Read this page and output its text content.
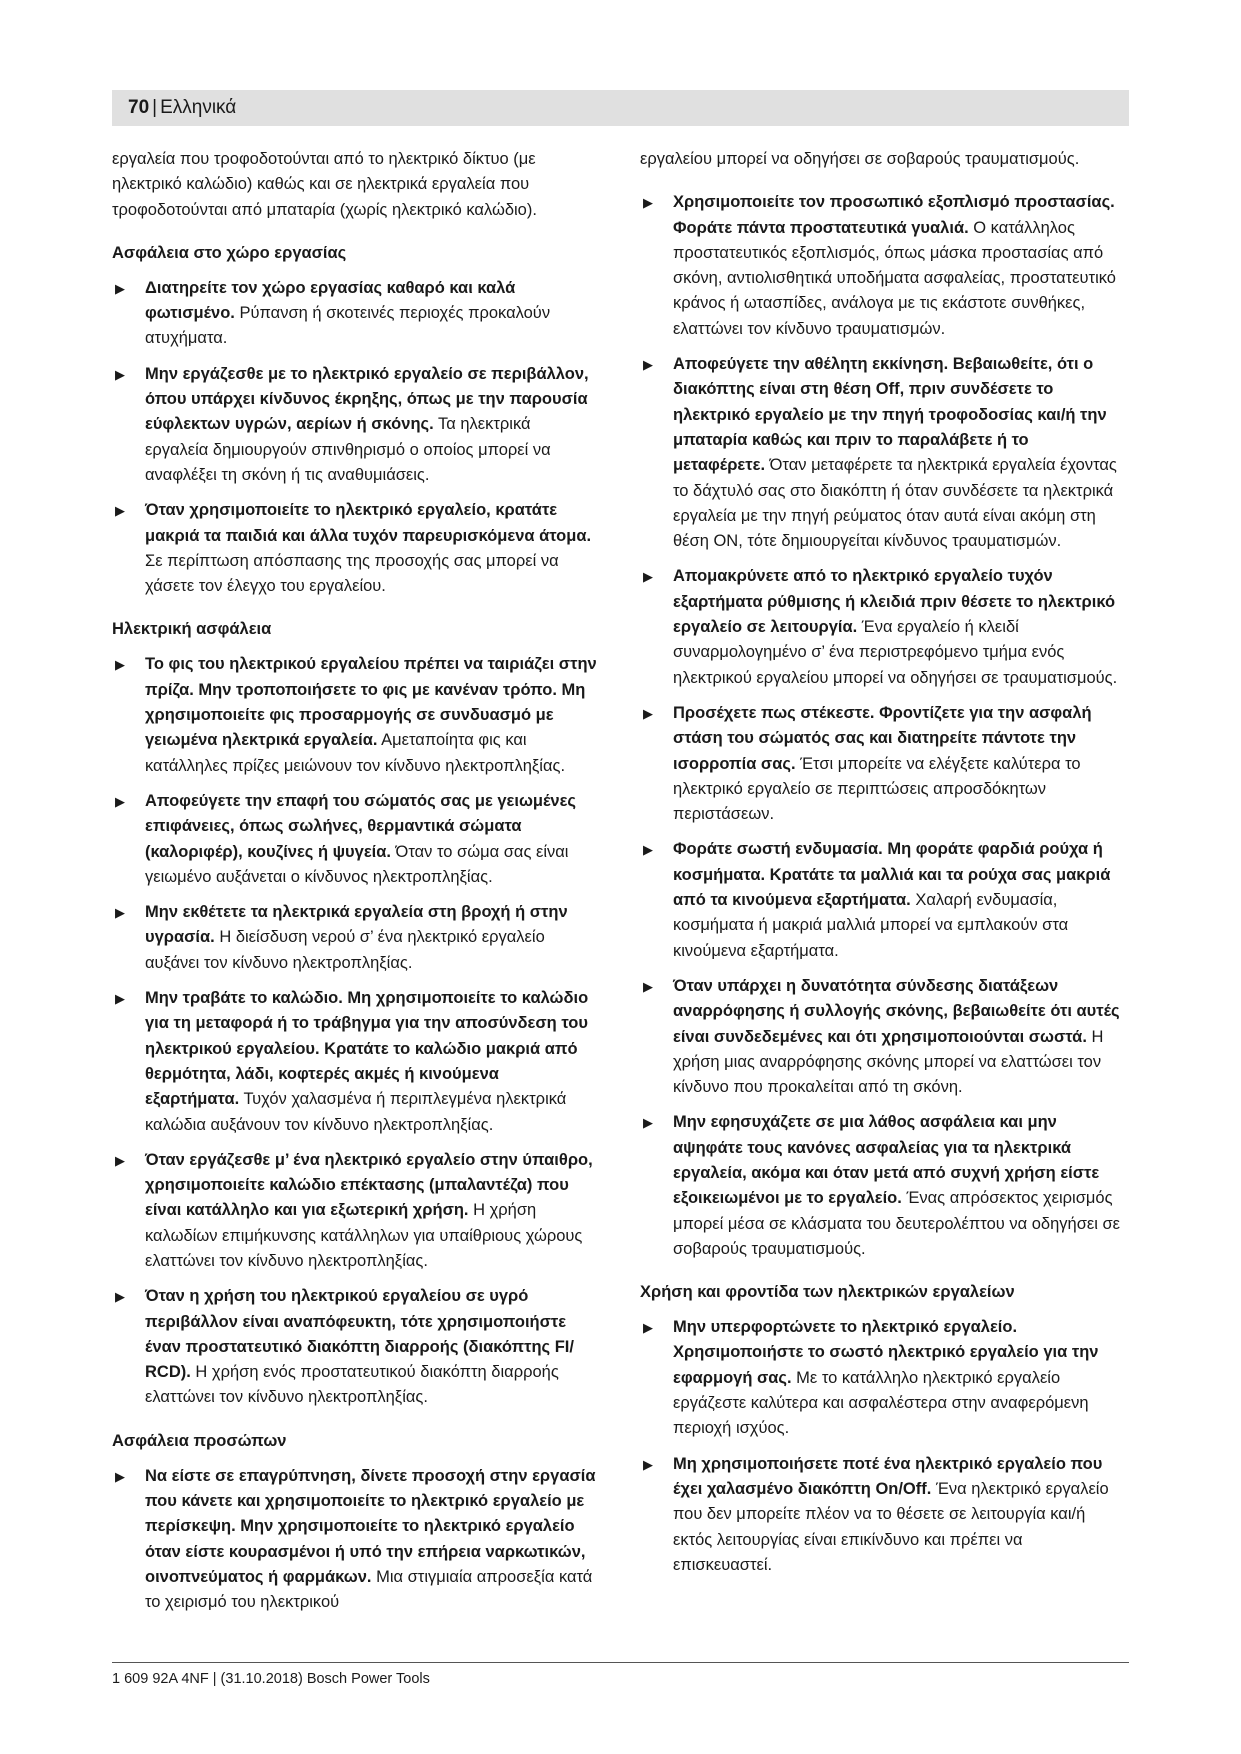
70 | Ελληνικά

εργαλεία που τροφοδοτούνται από το ηλεκτρικό δίκτυο (με ηλεκτρικό καλώδιο) καθώς και σε ηλεκτρικά εργαλεία που τροφοδοτούνται από μπαταρία (χωρίς ηλεκτρικό καλώδιο).

Ασφάλεια στο χώρο εργασίας
▶ Διατηρείτε τον χώρο εργασίας καθαρό και καλά φωτισμένο. Ρύπανση ή σκοτεινές περιοχές προκαλούν ατυχήματα.
▶ Μην εργάζεσθε με το ηλεκτρικό εργαλείο σε περιβάλλον, όπου υπάρχει κίνδυνος έκρηξης, όπως με την παρουσία εύφλεκτων υγρών, αερίων ή σκόνης. Τα ηλεκτρικά εργαλεία δημιουργούν σπινθηρισμό ο οποίος μπορεί να αναφλέξει τη σκόνη ή τις αναθυμιάσεις.
▶ Όταν χρησιμοποιείτε το ηλεκτρικό εργαλείο, κρατάτε μακριά τα παιδιά και άλλα τυχόν παρευρισκόμενα άτομα. Σε περίπτωση απόσπασης της προσοχής σας μπορεί να χάσετε τον έλεγχο του εργαλείου.
Ηλεκτρική ασφάλεια
▶ Το φις του ηλεκτρικού εργαλείου πρέπει να ταιριάζει στην πρίζα. Μην τροποποιήσετε το φις με κανέναν τρόπο. Μη χρησιμοποιείτε φις προσαρμογής σε συνδυασμό με γειωμένα ηλεκτρικά εργαλεία. Αμεταποίητα φις και κατάλληλες πρίζες μειώνουν τον κίνδυνο ηλεκτροπληξίας.
▶ Αποφεύγετε την επαφή του σώματός σας με γειωμένες επιφάνειες, όπως σωλήνες, θερμαντικά σώματα (καλοριφέρ), κουζίνες ή ψυγεία. Όταν το σώμα σας είναι γειωμένο αυξάνεται ο κίνδυνος ηλεκτροπληξίας.
▶ Μην εκθέτετε τα ηλεκτρικά εργαλεία στη βροχή ή στην υγρασία. Η διείσδυση νερού σ’ ένα ηλεκτρικό εργαλείο αυξάνει τον κίνδυνο ηλεκτροπληξίας.
▶ Μην τραβάτε το καλώδιο. Μη χρησιμοποιείτε το καλώδιο για τη μεταφορά ή το τράβηγμα για την αποσύνδεση του ηλεκτρικού εργαλείου. Κρατάτε το καλώδιο μακριά από θερμότητα, λάδι, κοφτερές ακμές ή κινούμενα εξαρτήματα. Τυχόν χαλασμένα ή περιπλεγμένα ηλεκτρικά καλώδια αυξάνουν τον κίνδυνο ηλεκτροπληξίας.
▶ Όταν εργάζεσθε μ’ ένα ηλεκτρικό εργαλείο στην ύπαιθρο, χρησιμοποιείτε καλώδιο επέκτασης (μπαλαντέζα) που είναι κατάλληλο και για εξωτερική χρήση. Η χρήση καλωδίων επιμήκυνσης κατάλληλων για υπαίθριους χώρους ελαττώνει τον κίνδυνο ηλεκτροπληξίας.
▶ Όταν η χρήση του ηλεκτρικού εργαλείου σε υγρό περιβάλλον είναι αναπόφευκτη, τότε χρησιμοποιήστε έναν προστατευτικό διακόπτη διαρροής (διακόπτης FI/ RCD). Η χρήση ενός προστατευτικού διακόπτη διαρροής ελαττώνει τον κίνδυνο ηλεκτροπληξίας.
Ασφάλεια προσώπων
▶ Να είστε σε επαγρύπνηση, δίνετε προσοχή στην εργασία που κάνετε και χρησιμοποιείτε το ηλεκτρικό εργαλείο με περίσκεψη. Μην χρησιμοποιείτε το ηλεκτρικό εργαλείο όταν είστε κουρασμένοι ή υπό την επήρεια ναρκωτικών, οινοπνεύματος ή φαρμάκων. Μια στιγμιαία απροσεξία κατά το χειρισμό του ηλεκτρικού

εργαλείου μπορεί να οδηγήσει σε σοβαρούς τραυματισμούς.

▶ Χρησιμοποιείτε τον προσωπικό εξοπλισμό προστασίας. Φοράτε πάντα προστατευτικά γυαλιά. Ο κατάλληλος προστατευτικός εξοπλισμός, όπως μάσκα προστασίας από σκόνη, αντιολισθητικά υποδήματα ασφαλείας, προστατευτικό κράνος ή ωτασπίδες, ανάλογα με τις εκάστοτε συνθήκες, ελαττώνει τον κίνδυνο τραυματισμών.
▶ Αποφεύγετε την αθέλητη εκκίνηση. Βεβαιωθείτε, ότι ο διακόπτης είναι στη θέση Off, πριν συνδέσετε το ηλεκτρικό εργαλείο με την πηγή τροφοδοσίας και/ή την μπαταρία καθώς και πριν το παραλάβετε ή το μεταφέρετε. Όταν μεταφέρετε τα ηλεκτρικά εργαλεία έχοντας το δάχτυλό σας στο διακόπτη ή όταν συνδέσετε τα ηλεκτρικά εργαλεία με την πηγή ρεύματος όταν αυτά είναι ακόμη στη θέση ON, τότε δημιουργείται κίνδυνος τραυματισμών.
▶ Απομακρύνετε από το ηλεκτρικό εργαλείο τυχόν εξαρτήματα ρύθμισης ή κλειδιά πριν θέσετε το ηλεκτρικό εργαλείο σε λειτουργία. Ένα εργαλείο ή κλειδί συναρμολογημένο σ’ ένα περιστρεφόμενο τμήμα ενός ηλεκτρικού εργαλείου μπορεί να οδηγήσει σε τραυματισμούς.
▶ Προσέχετε πως στέκεστε. Φροντίζετε για την ασφαλή στάση του σώματός σας και διατηρείτε πάντοτε την ισορροπία σας. Έτσι μπορείτε να ελέγξετε καλύτερα το ηλεκτρικό εργαλείο σε περιπτώσεις απροσδόκητων περιστάσεων.
▶ Φοράτε σωστή ενδυμασία. Μη φοράτε φαρδιά ρούχα ή κοσμήματα. Κρατάτε τα μαλλιά και τα ρούχα σας μακριά από τα κινούμενα εξαρτήματα. Χαλαρή ενδυμασία, κοσμήματα ή μακριά μαλλιά μπορεί να εμπλακούν στα κινούμενα εξαρτήματα.
▶ Όταν υπάρχει η δυνατότητα σύνδεσης διατάξεων αναρρόφησης ή συλλογής σκόνης, βεβαιωθείτε ότι αυτές είναι συνδεδεμένες και ότι χρησιμοποιούνται σωστά. Η χρήση μιας αναρρόφησης σκόνης μπορεί να ελαττώσει τον κίνδυνο που προκαλείται από τη σκόνη.
▶ Μην εφησυχάζετε σε μια λάθος ασφάλεια και μην αψηφάτε τους κανόνες ασφαλείας για τα ηλεκτρικά εργαλεία, ακόμα και όταν μετά από συχνή χρήση είστε εξοικειωμένοι με το εργαλείο. Ένας απρόσεκτος χειρισμός μπορεί μέσα σε κλάσματα του δευτερολέπτου να οδηγήσει σε σοβαρούς τραυματισμούς.
Χρήση και φροντίδα των ηλεκτρικών εργαλείων
▶ Μην υπερφορτώνετε το ηλεκτρικό εργαλείο. Χρησιμοποιήστε το σωστό ηλεκτρικό εργαλείο για την εφαρμογή σας. Με το κατάλληλο ηλεκτρικό εργαλείο εργάζεστε καλύτερα και ασφαλέστερα στην αναφερόμενη περιοχή ισχύος.
▶ Μη χρησιμοποιήσετε ποτέ ένα ηλεκτρικό εργαλείο που έχει χαλασμένο διακόπτη On/Off. Ένα ηλεκτρικό εργαλείο που δεν μπορείτε πλέον να το θέσετε σε λειτουργία και/ή εκτός λειτουργίας είναι επικίνδυνο και πρέπει να επισκευαστεί.
1 609 92A 4NF | (31.10.2018) Bosch Power Tools
